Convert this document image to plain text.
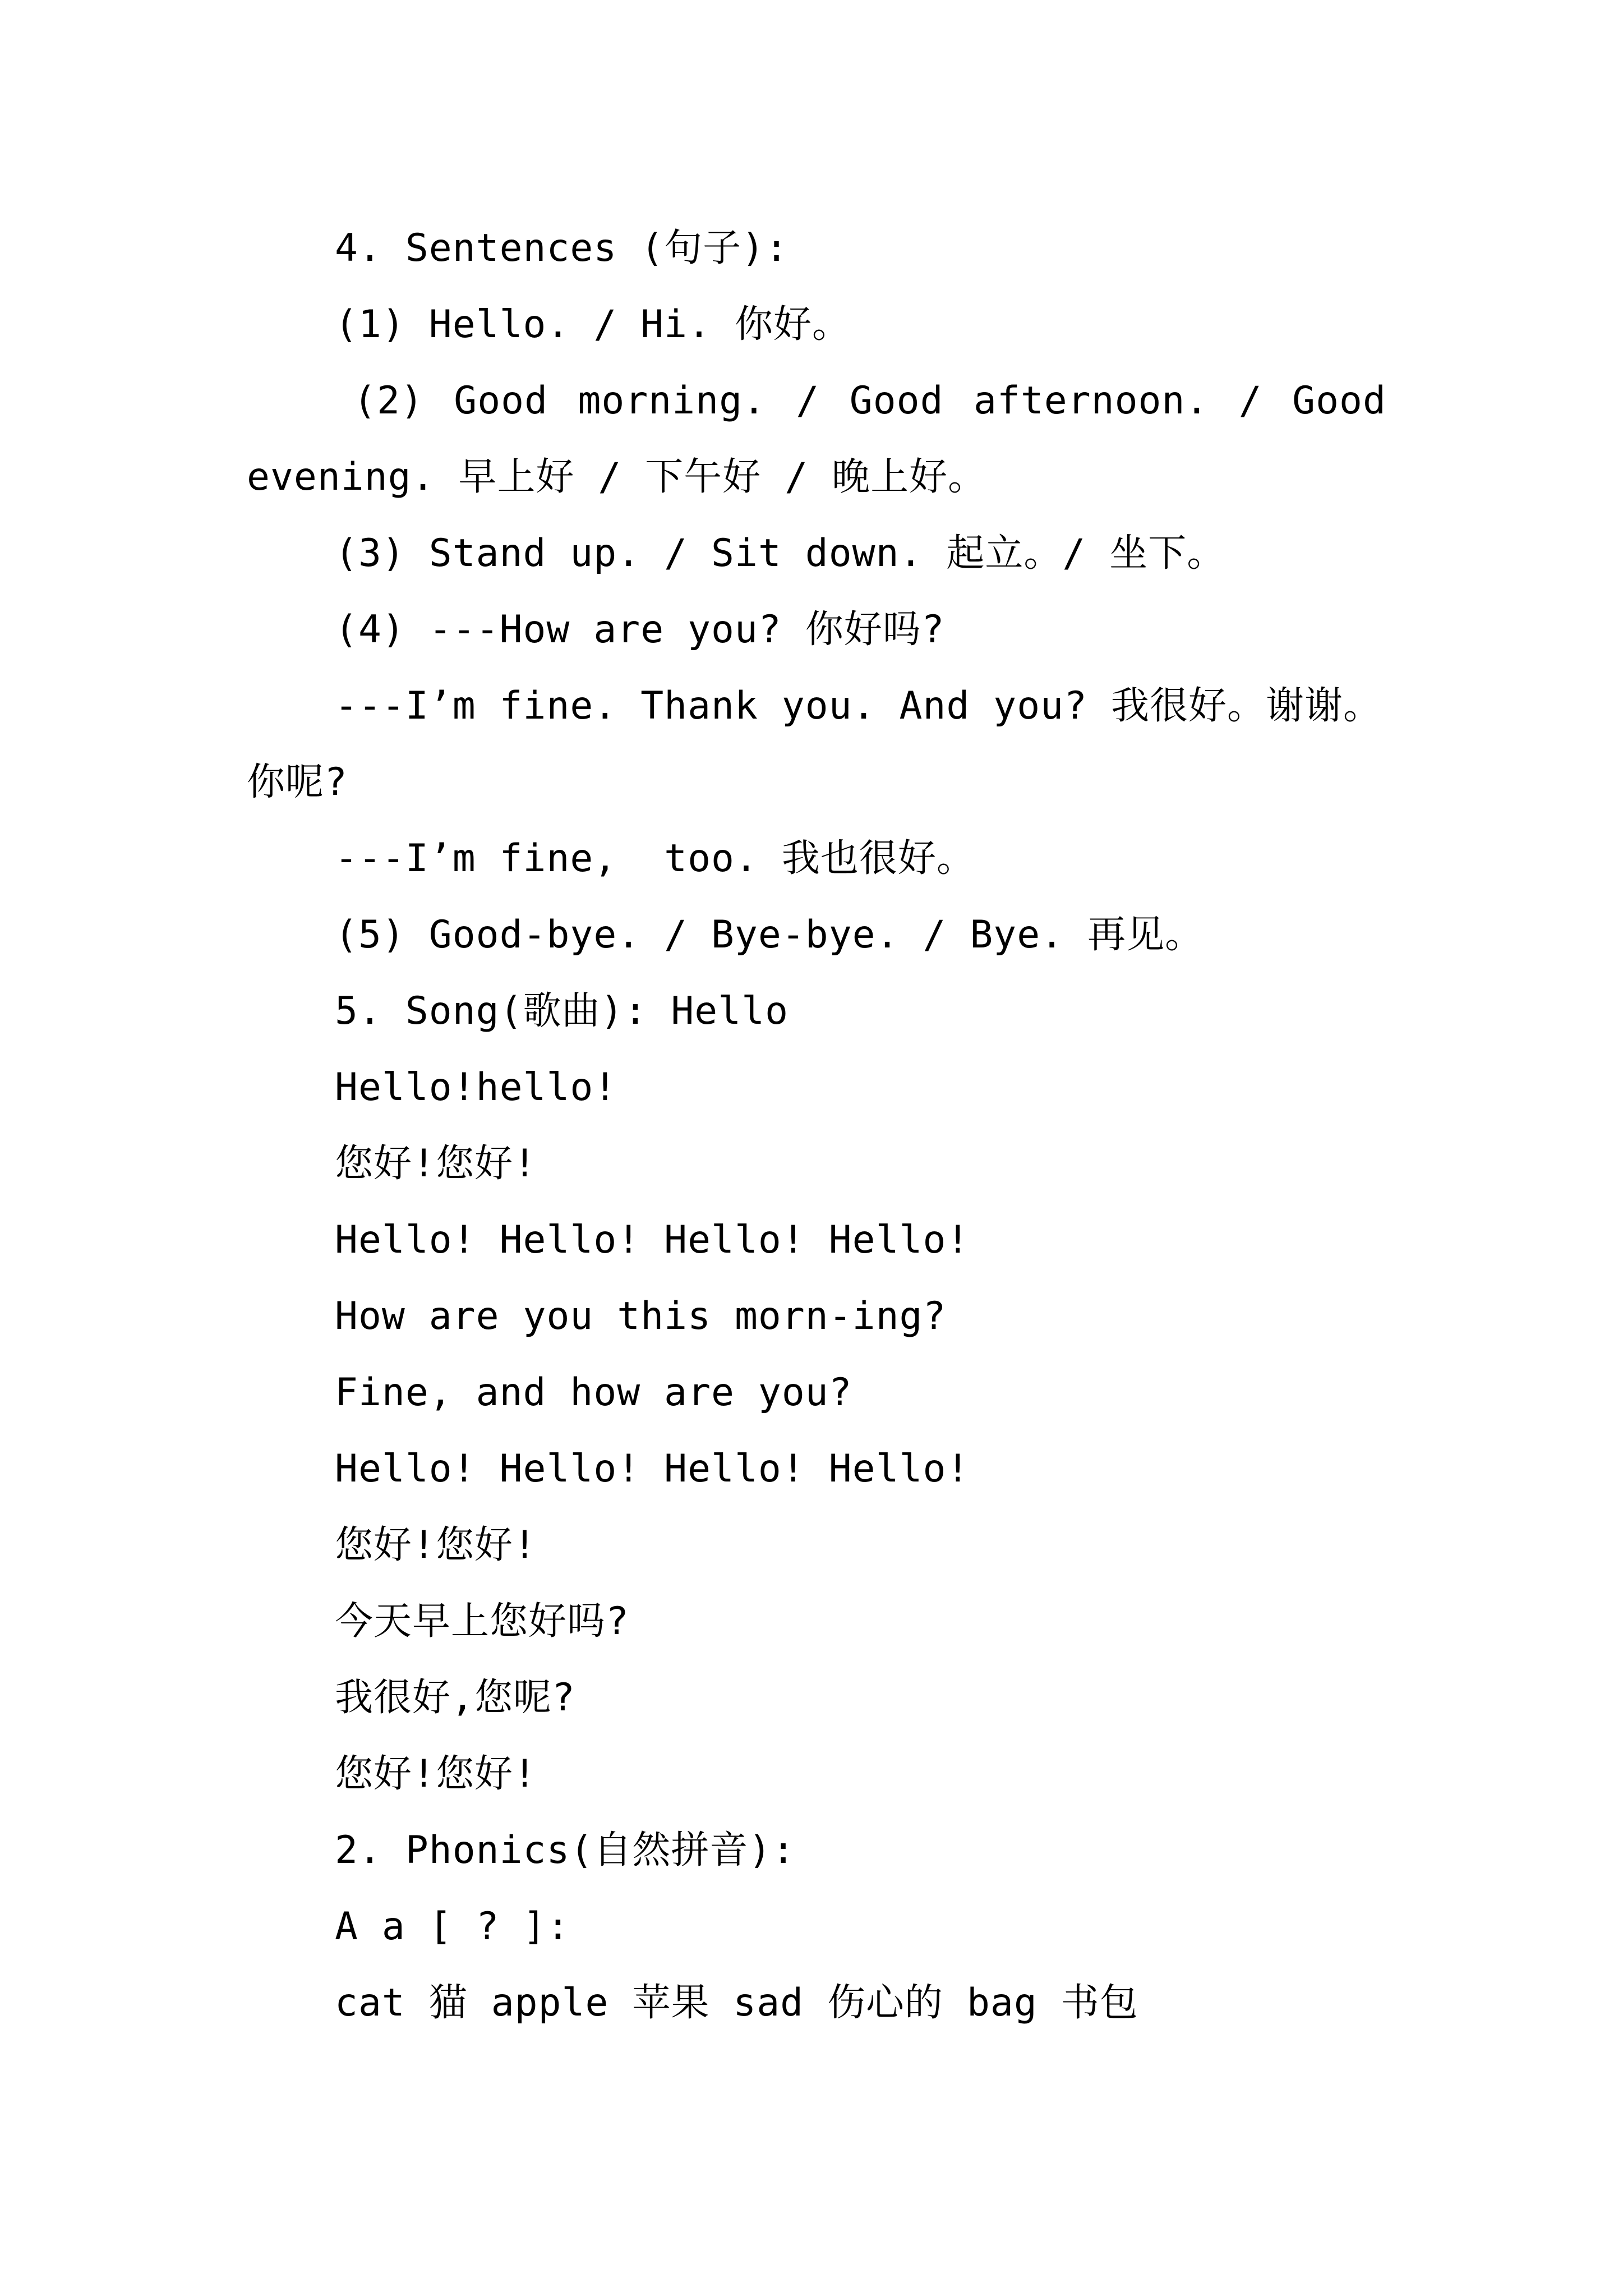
4. Sentences (句子):
(1) Hello. / Hi. 你好。
(2) Good morning. / Good afternoon. / Good
evening. 早上好 / 下午好 / 晚上好。
(3) Stand up. / Sit down. 起立。/ 坐下。
(4) ---How are you? 你好吗?
---I’m fine. Thank you. And you? 我很好。谢谢。
你呢?
---I’m fine,  too. 我也很好。
(5) Good-bye. / Bye-bye. / Bye. 再见。
5. Song(歌曲): Hello
Hello!hello!
您好!您好!
Hello! Hello! Hello! Hello!
How are you this morn-ing?
Fine, and how are you?
Hello! Hello! Hello! Hello!
您好!您好!
今天早上您好吗?
我很好,您呢?
您好!您好!
2. Phonics(自然拼音):
A a [ ? ]:
cat 猫 apple 苹果 sad 伤心的 bag 书包
